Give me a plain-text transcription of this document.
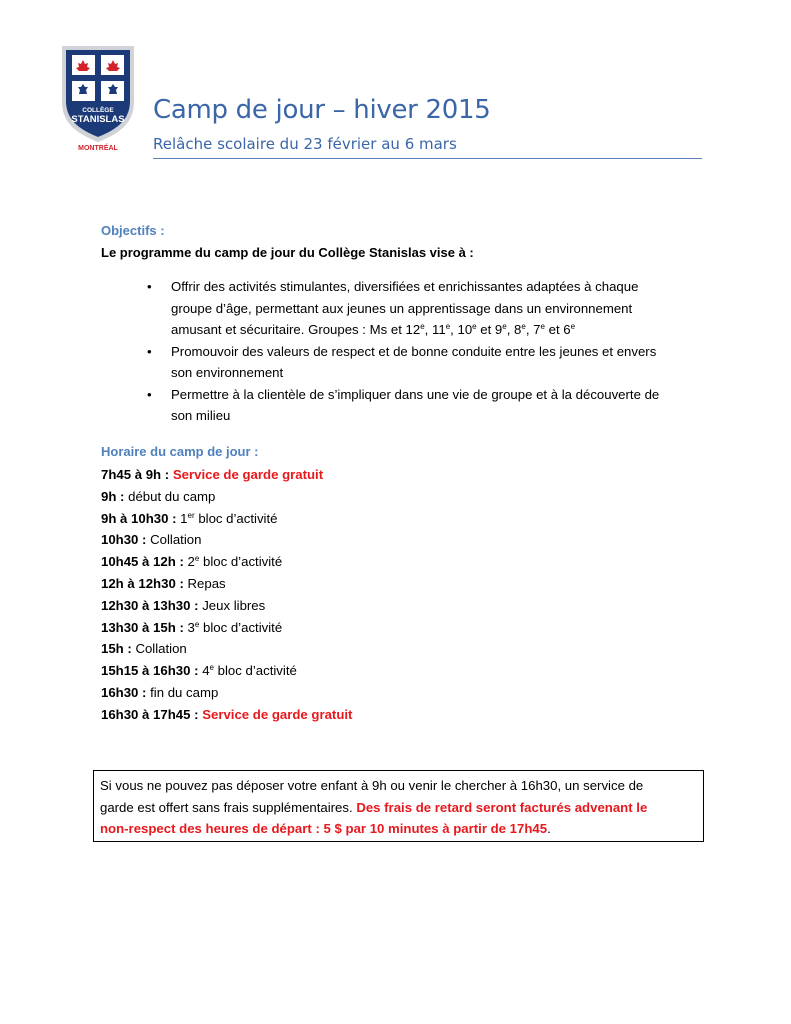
COLLÈGE
STANISLAS
MONTRÉAL
Camp de jour – hiver 2015
Relâche scolaire du 23 février au 6 mars
Objectifs :
Le programme du camp de jour du Collège Stanislas vise à :
• Offrir des activités stimulantes, diversifiées et enrichissantes adaptées à chaque
groupe d’âge, permettant aux jeunes un apprentissage dans un environnement
amusant et sécuritaire. Groupes : Ms et 12e, 11e, 10e et 9e, 8e, 7e et 6e
• Promouvoir des valeurs de respect et de bonne conduite entre les jeunes et envers
son environnement
• Permettre à la clientèle de s’impliquer dans une vie de groupe et à la découverte de
son milieu
Horaire du camp de jour :
7h45 à 9h : Service de garde gratuit
9h : début du camp
9h à 10h30 : 1er bloc d’activité
10h30 : Collation
10h45 à 12h : 2e bloc d’activité
12h à 12h30 : Repas
12h30 à 13h30 : Jeux libres
13h30 à 15h : 3e bloc d’activité
15h : Collation
15h15 à 16h30 : 4e bloc d’activité
16h30 : fin du camp
16h30 à 17h45 : Service de garde gratuit
Si vous ne pouvez pas déposer votre enfant à 9h ou venir le chercher à 16h30, un service de
garde est offert sans frais supplémentaires. Des frais de retard seront facturés advenant le
non-respect des heures de départ : 5 $ par 10 minutes à partir de 17h45.
